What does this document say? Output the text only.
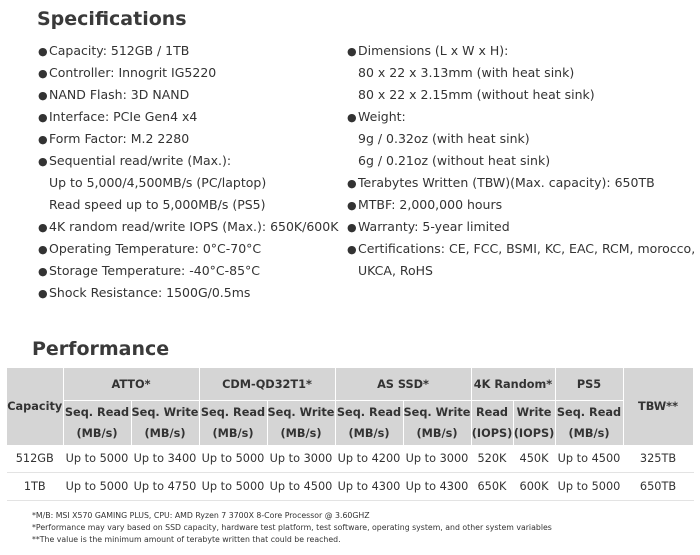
Specifications
●Capacity: 512GB / 1TB
●Controller: Innogrit IG5220
●NAND Flash: 3D NAND
●Interface: PCIe Gen4 x4
●Form Factor: M.2 2280
●Sequential read/write (Max.):
Up to 5,000/4,500MB/s (PC/laptop)
Read speed up to 5,000MB/s (PS5)
●4K random read/write IOPS (Max.): 650K/600K
●Operating Temperature: 0°C-70°C
●Storage Temperature: -40°C-85°C
●Shock Resistance: 1500G/0.5ms
●Dimensions (L x W x H):
80 x 22 x 3.13mm (with heat sink)
80 x 22 x 2.15mm (without heat sink)
●Weight:
9g / 0.32oz (with heat sink)
6g / 0.21oz (without heat sink)
●Terabytes Written (TBW)(Max. capacity): 650TB
●MTBF: 2,000,000 hours
●Warranty: 5-year limited
●Certifications: CE, FCC, BSMI, KC, EAC, RCM, morocco,
UKCA, RoHS
Performance
Capacity	ATTO*		CDM-QD32T1*		AS SSD*		4K Random*		PS5	TBW**

	Seq. Read
(MB/s)	Seq. Write
(MB/s)	Seq. Read
(MB/s)	Seq. Write
(MB/s)	Seq. Read
(MB/s)	Seq. Write
(MB/s)	Read
(IOPS)	Write
(IOPS)	Seq. Read
(MB/s)	

512GB	Up to 5000	Up to 3400	Up to 5000	Up to 3000	Up to 4200	Up to 3000	520K	450K	Up to 4500	325TB
1TB	Up to 5000	Up to 4750	Up to 5000	Up to 4500	Up to 4300	Up to 4300	650K	600K	Up to 5000	650TB
*M/B: MSI X570 GAMING PLUS, CPU: AMD Ryzen 7 3700X 8-Core Processor @ 3.60GHZ
*Performance may vary based on SSD capacity, hardware test platform, test software, operating system, and other system variables
**The value is the minimum amount of terabyte written that could be reached.
